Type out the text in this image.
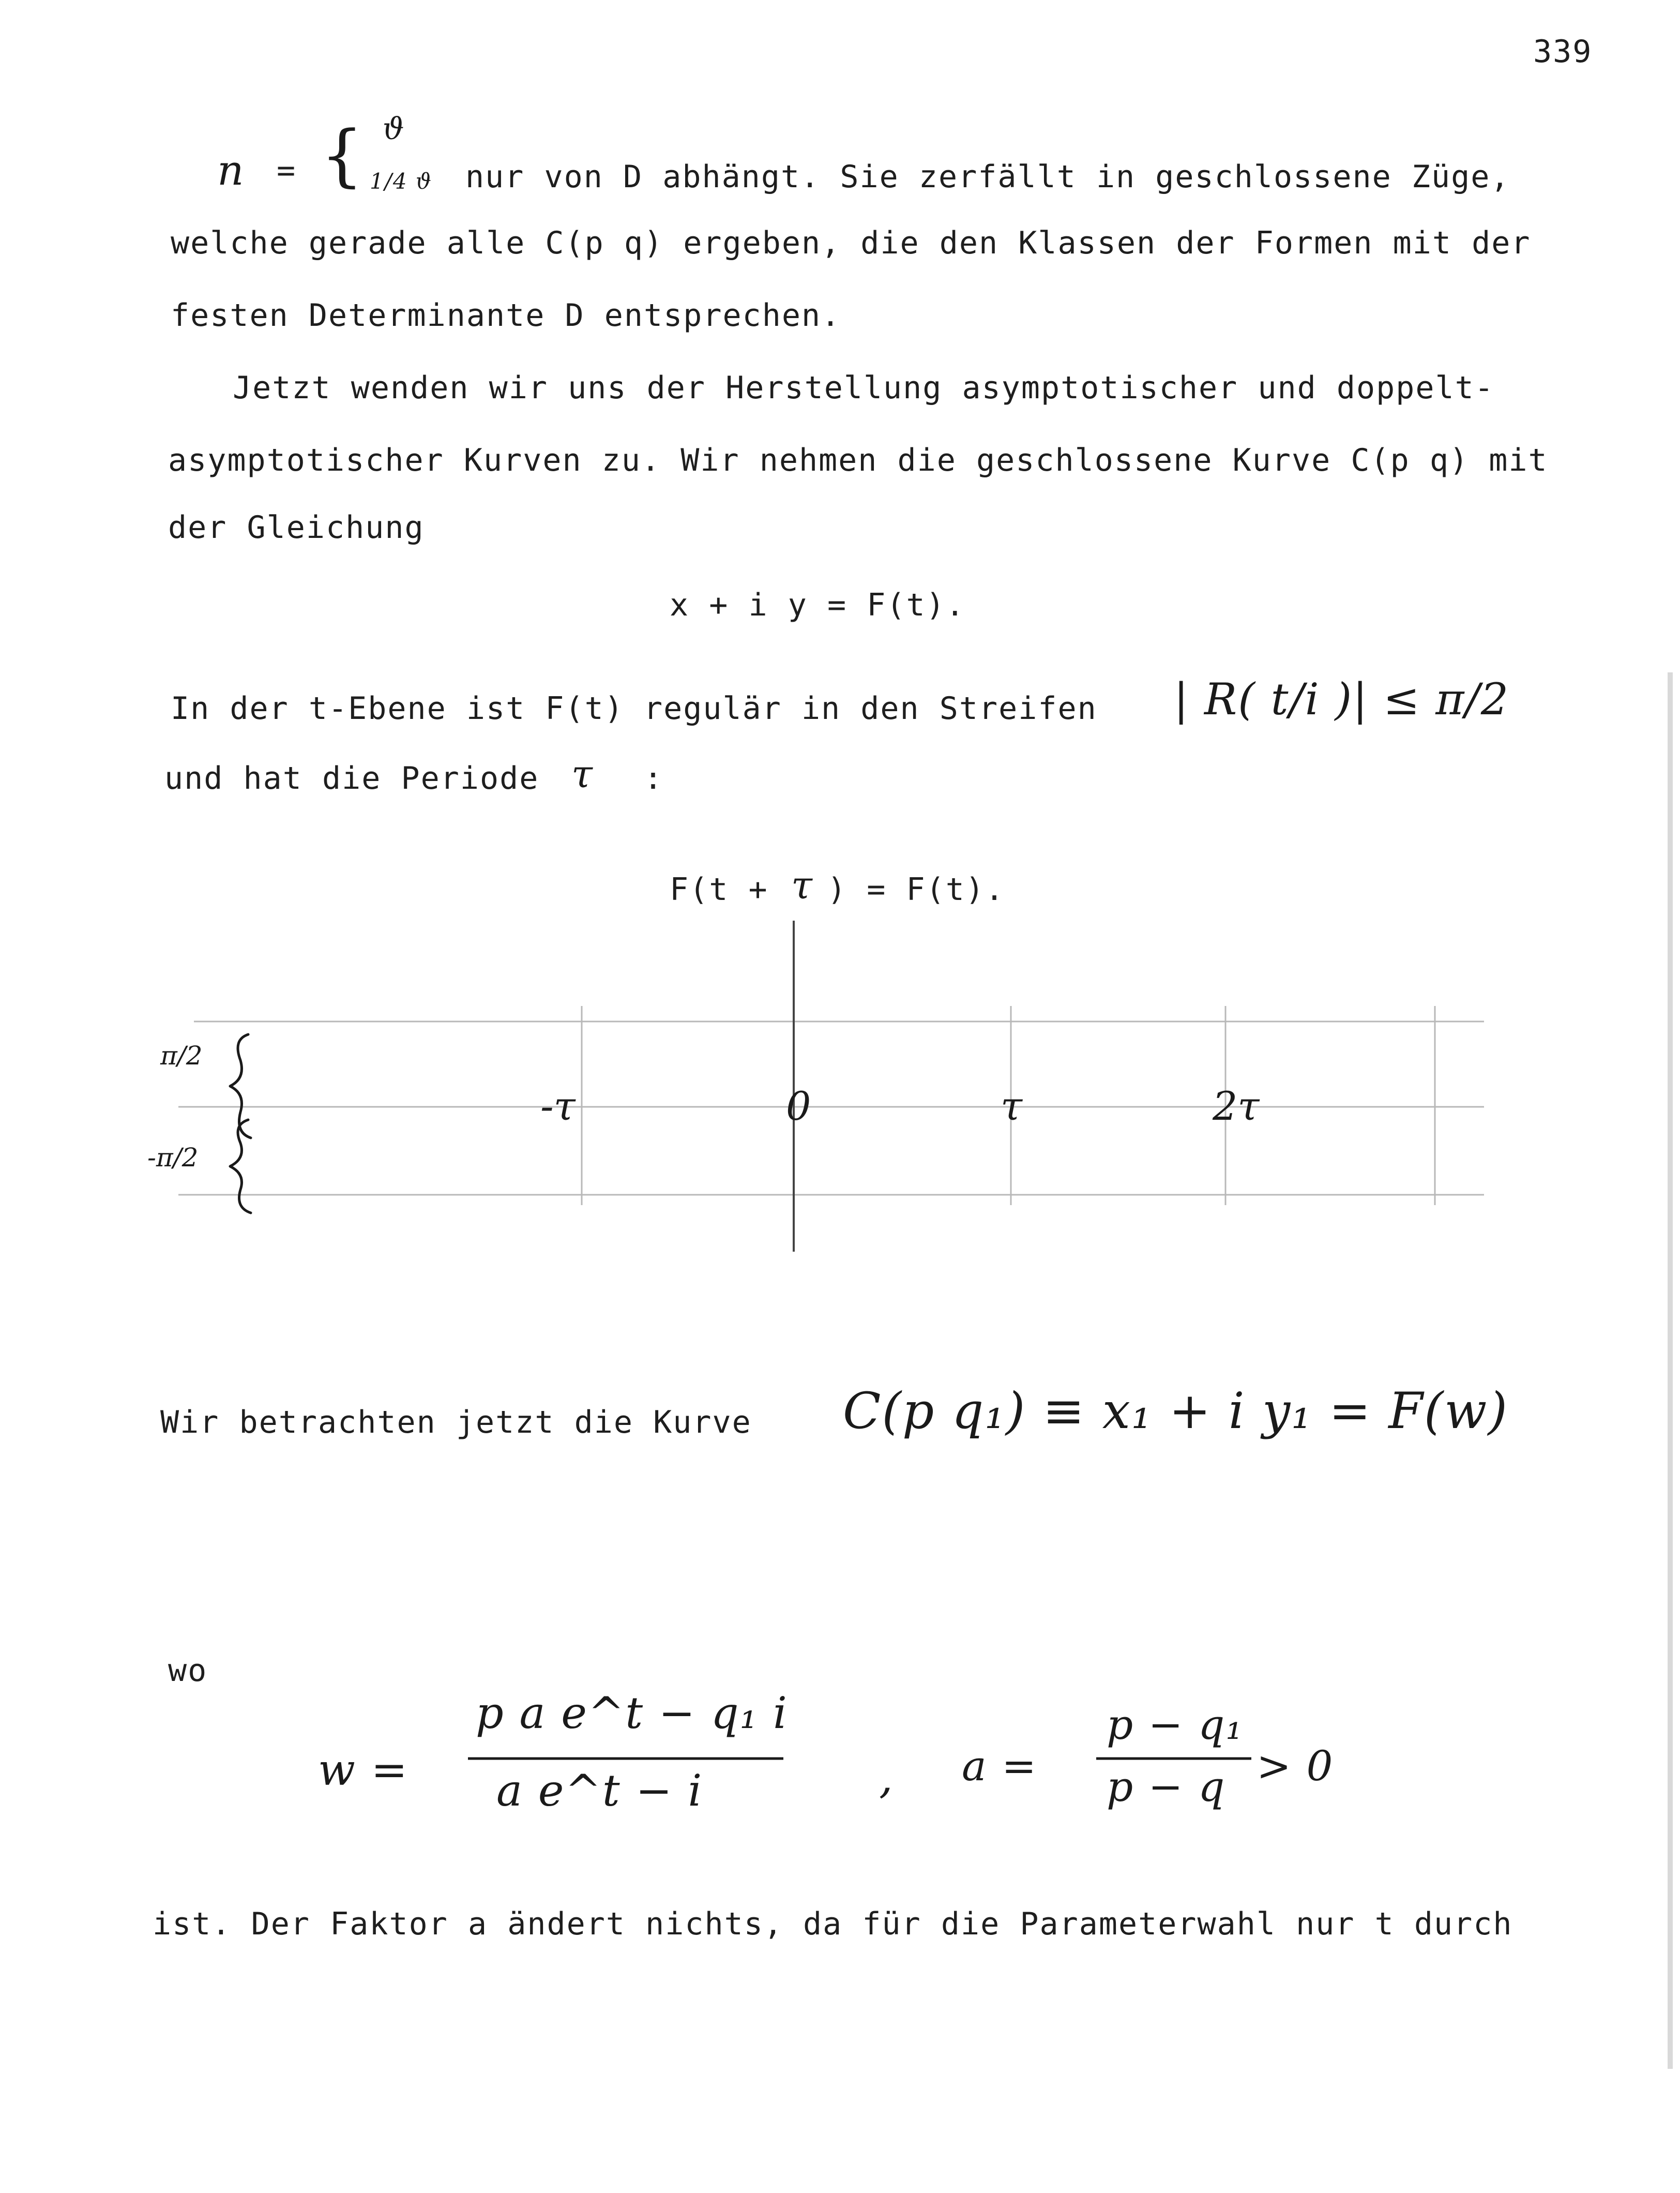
339
n = { ϑ
1/4 ϑ nur von D abhängt. Sie zerfällt in geschlossene Züge,
welche gerade alle C(p q) ergeben, die den Klassen der Formen mit der
festen Determinante D entsprechen.
Jetzt wenden wir uns der Herstellung asymptotischer und doppelt-
asymptotischer Kurven zu. Wir nehmen die geschlossene Kurve C(p q) mit
der Gleichung
x + i y = F(t).
In der t-Ebene ist F(t) regulär in den Streifen | R( t/i )| ≤ π/2
und hat die Periode τ :
F(t + τ ) = F(t).
π/2
-π/2
-τ	0	τ	2τ
Wir betrachten jetzt die Kurve C(p q₁) ≡ x₁ + i y₁ = F(w)
wo
w =
p a e^t − q₁ i
a e^t − i	, a =
p − q₁
p − q > 0
ist. Der Faktor a ändert nichts, da für die Parameterwahl nur t durch
